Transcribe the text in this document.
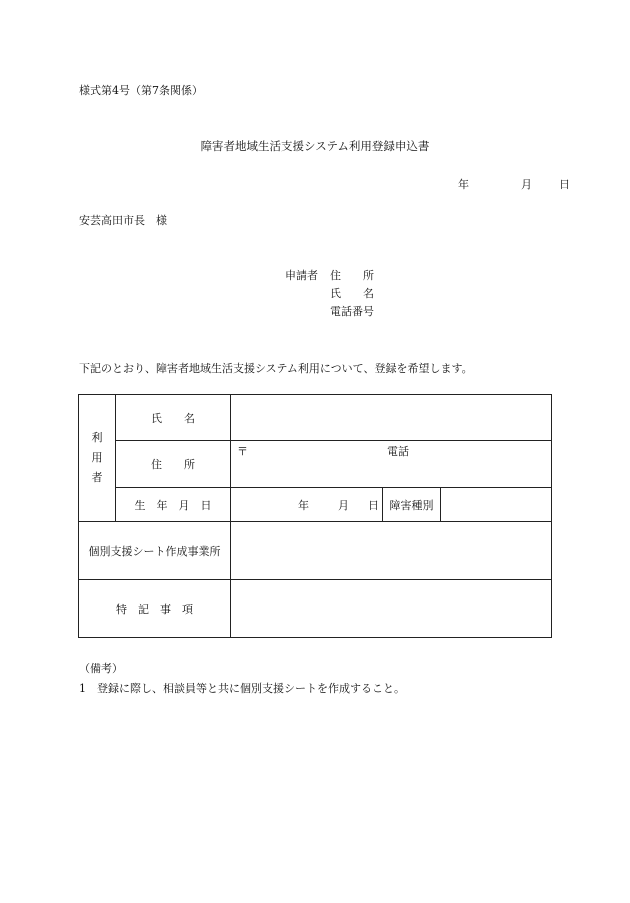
様式第4号（第7条関係）
障害者地域生活支援システム利用登録申込書
年	月 日
安芸高田市長　様
申請者 住　　所
氏　　名
電話番号
下記のとおり、障害者地域生活支援システム利用について、登録を希望します。
利
用
者	氏　　名			
	住　　所	〒 電話		

	生　年　月　日	年 月 日	障害種別	
個別支援シート作成事業所				
特　記　事　項				
（備考）
1 登録に際し、相談員等と共に個別支援シートを作成すること。
